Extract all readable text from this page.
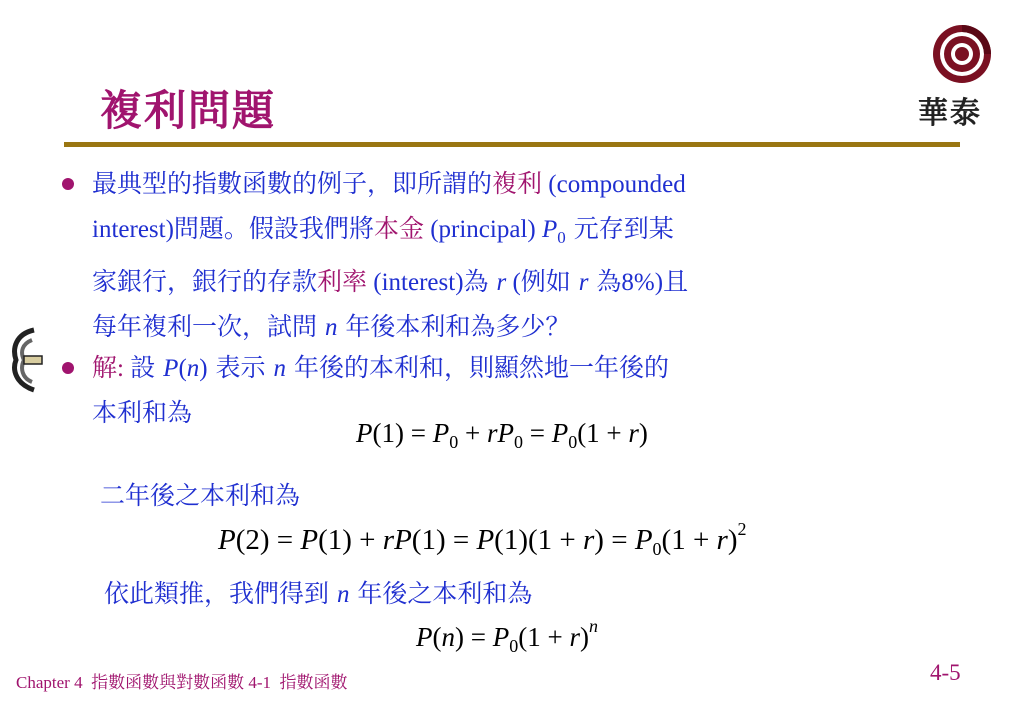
複利問題	華泰
最典型的指數函數的例子，即所謂的複利 (compounded
interest)問題。假設我們將本金 (principal) $P_0$ 元存到某
家銀行，銀行的存款利率 (interest)為 r (例如 r 為8%)且
每年複利一次，試問 n 年後本利和為多少？
解: 設 P(n) 表示 n 年後的本利和，則顯然地一年後的
本利和為
$P(1) = P_0 + rP_0 = P_0(1 + r)$
二年後之本利和為
$P(2) = P(1) + rP(1) = P(1)(1 + r) = P_0(1 + r)^2$
依此類推，我們得到 n 年後之本利和為
$P(n) = P_0(1 + r)^n$
Chapter 4 指數函數與對數函數 4-1 指數函數	4-5
